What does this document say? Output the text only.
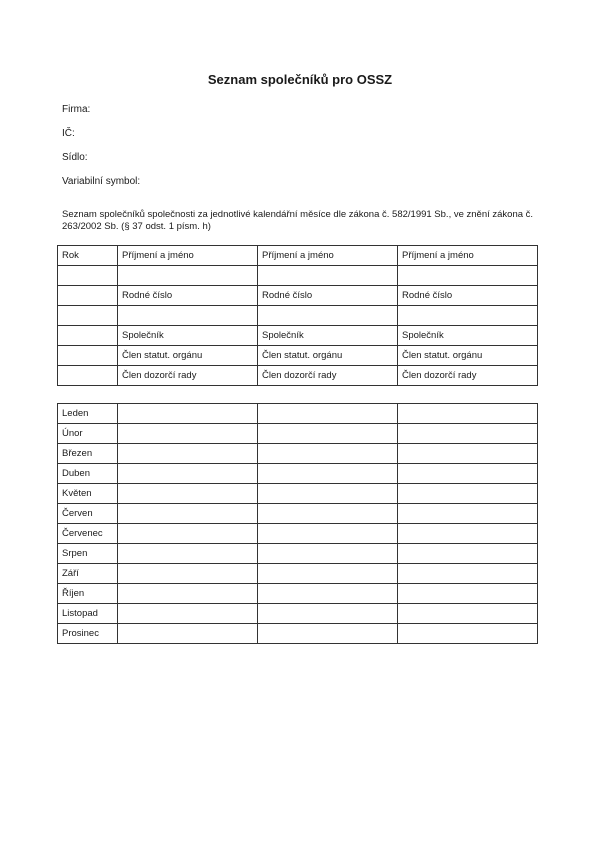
Seznam společníků pro OSSZ
Firma:
IČ:
Sídlo:
Variabilní symbol:
Seznam společníků společnosti za jednotlivé kalendářní měsíce dle zákona č. 582/1991 Sb., ve znění zákona č. 263/2002 Sb. (§ 37 odst. 1 písm. h)
Rok	Příjmení a jméno	Příjmení a jméno	Příjmení a jméno

	Rodné číslo	Rodné číslo	Rodné číslo

	Společník	Společník	Společník
	Člen statut. orgánu	Člen statut. orgánu	Člen statut. orgánu
	Člen dozorčí rady	Člen dozorčí rady	Člen dozorčí rady
Leden			
Únor			
Březen			
Duben			
Květen			
Červen			
Červenec			
Srpen			
Září			
Říjen			
Listopad			
Prosinec			
